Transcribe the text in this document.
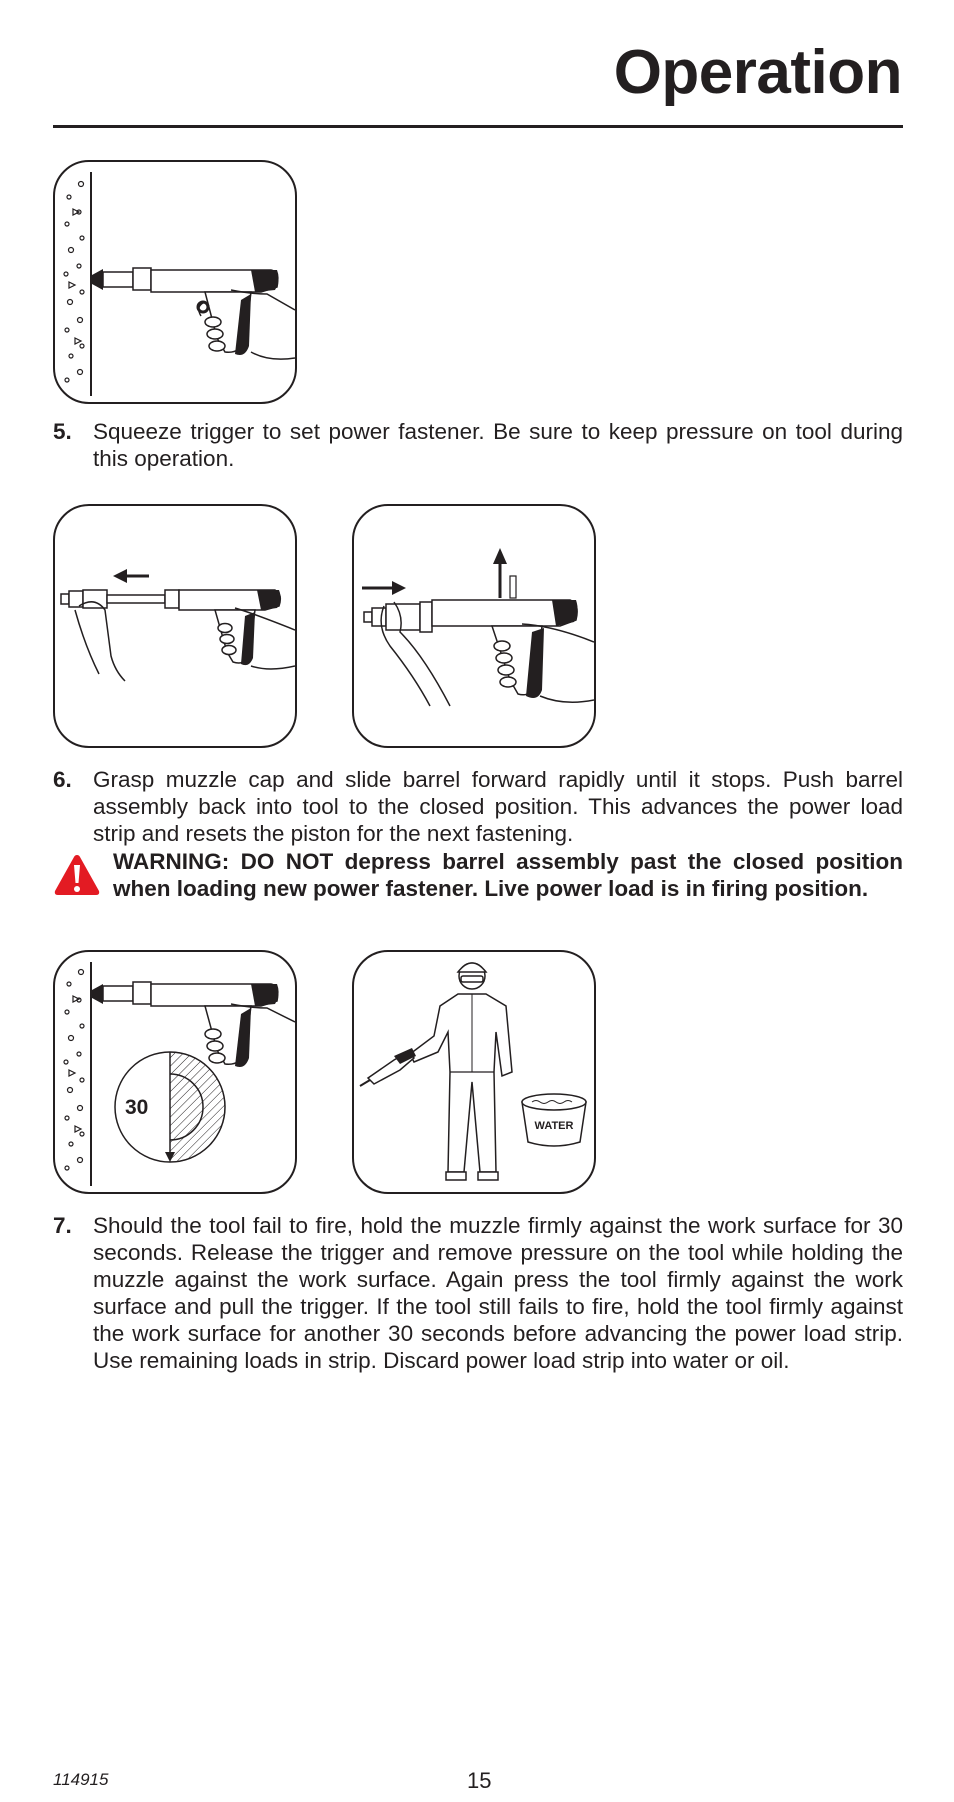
Operation
5. Squeeze trigger to set power fastener. Be sure to keep pressure on tool during this operation.
6. Grasp muzzle cap and slide barrel forward rapidly until it stops. Push barrel assembly back into tool to the closed position. This advances the power load strip and resets the piston for the next fastening.
WARNING: DO NOT depress barrel assembly past the closed position when loading new power fastener. Live power load is in firing position.
30
WATER
7. Should the tool fail to fire, hold the muzzle firmly against the work surface for 30 seconds. Release the trigger and remove pressure on the tool while holding the muzzle against the work surface. Again press the tool firmly against the work surface and pull the trigger. If the tool still fails to fire, hold the tool firmly against the work surface for another 30 seconds before advancing the power load strip. Use remaining loads in strip. Discard power load strip into water or oil.
114915	15
